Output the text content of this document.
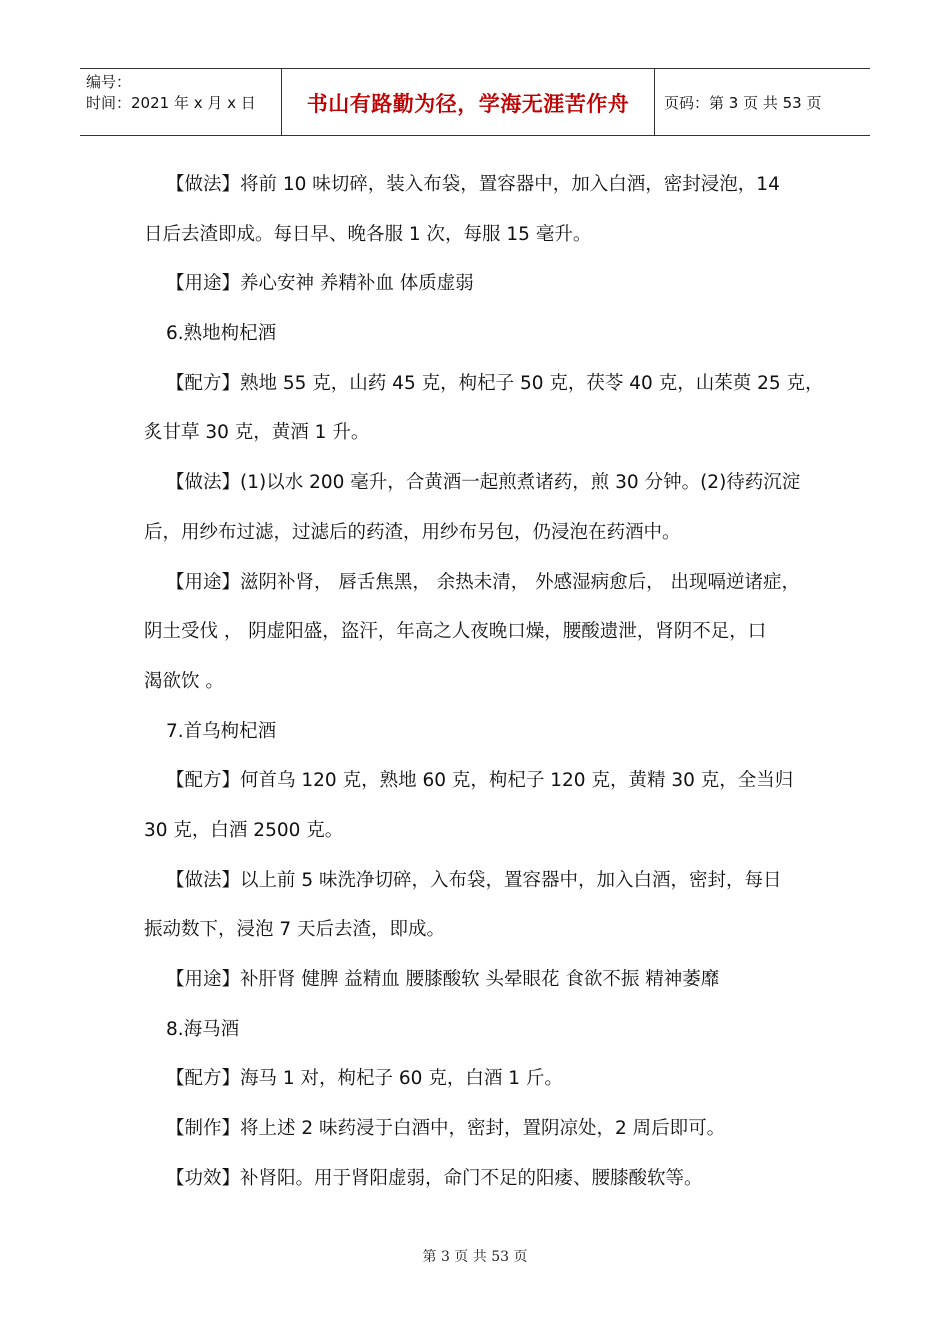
编号：
时间：2021 年 x 月 x 日	书山有路勤为径，学海无涯苦作舟 页码：第 3 页 共 53 页
【做法】将前 10 味切碎，装入布袋，置容器中，加入白酒，密封浸泡，14
日后去渣即成。每日早、晚各服 1 次，每服 15 毫升。
【用途】养心安神 养精补血 体质虚弱
6.熟地枸杞酒
【配方】熟地 55 克，山药 45 克，枸杞子 50 克，茯苓 40 克，山茱萸 25 克，
炙甘草 30 克，黄酒 1 升。
【做法】(1)以水 200 毫升，合黄酒一起煎煮诸药，煎 30 分钟。(2)待药沉淀
后，用纱布过滤，过滤后的药渣，用纱布另包，仍浸泡在药酒中。
【用途】滋阴补肾， 唇舌焦黑， 余热未清， 外感湿病愈后， 出现嗝逆诸症，
阴土受伐 ， 阴虚阳盛，盗汗，年高之人夜晚口燥，腰酸遗泄，肾阴不足，口
渴欲饮 。
7.首乌枸杞酒
【配方】何首乌 120 克，熟地 60 克，枸杞子 120 克，黄精 30 克，全当归
30 克，白酒 2500 克。
【做法】以上前 5 味洗净切碎，入布袋，置容器中，加入白酒，密封，每日
振动数下，浸泡 7 天后去渣，即成。
【用途】补肝肾 健脾 益精血 腰膝酸软 头晕眼花 食欲不振 精神萎靡
8.海马酒
【配方】海马 1 对，枸杞子 60 克，白酒 1 斤。
【制作】将上述 2 味药浸于白酒中，密封，置阴凉处，2 周后即可。
【功效】补肾阳。用于肾阳虚弱，命门不足的阳痿、腰膝酸软等。
第 3 页 共 53 页
